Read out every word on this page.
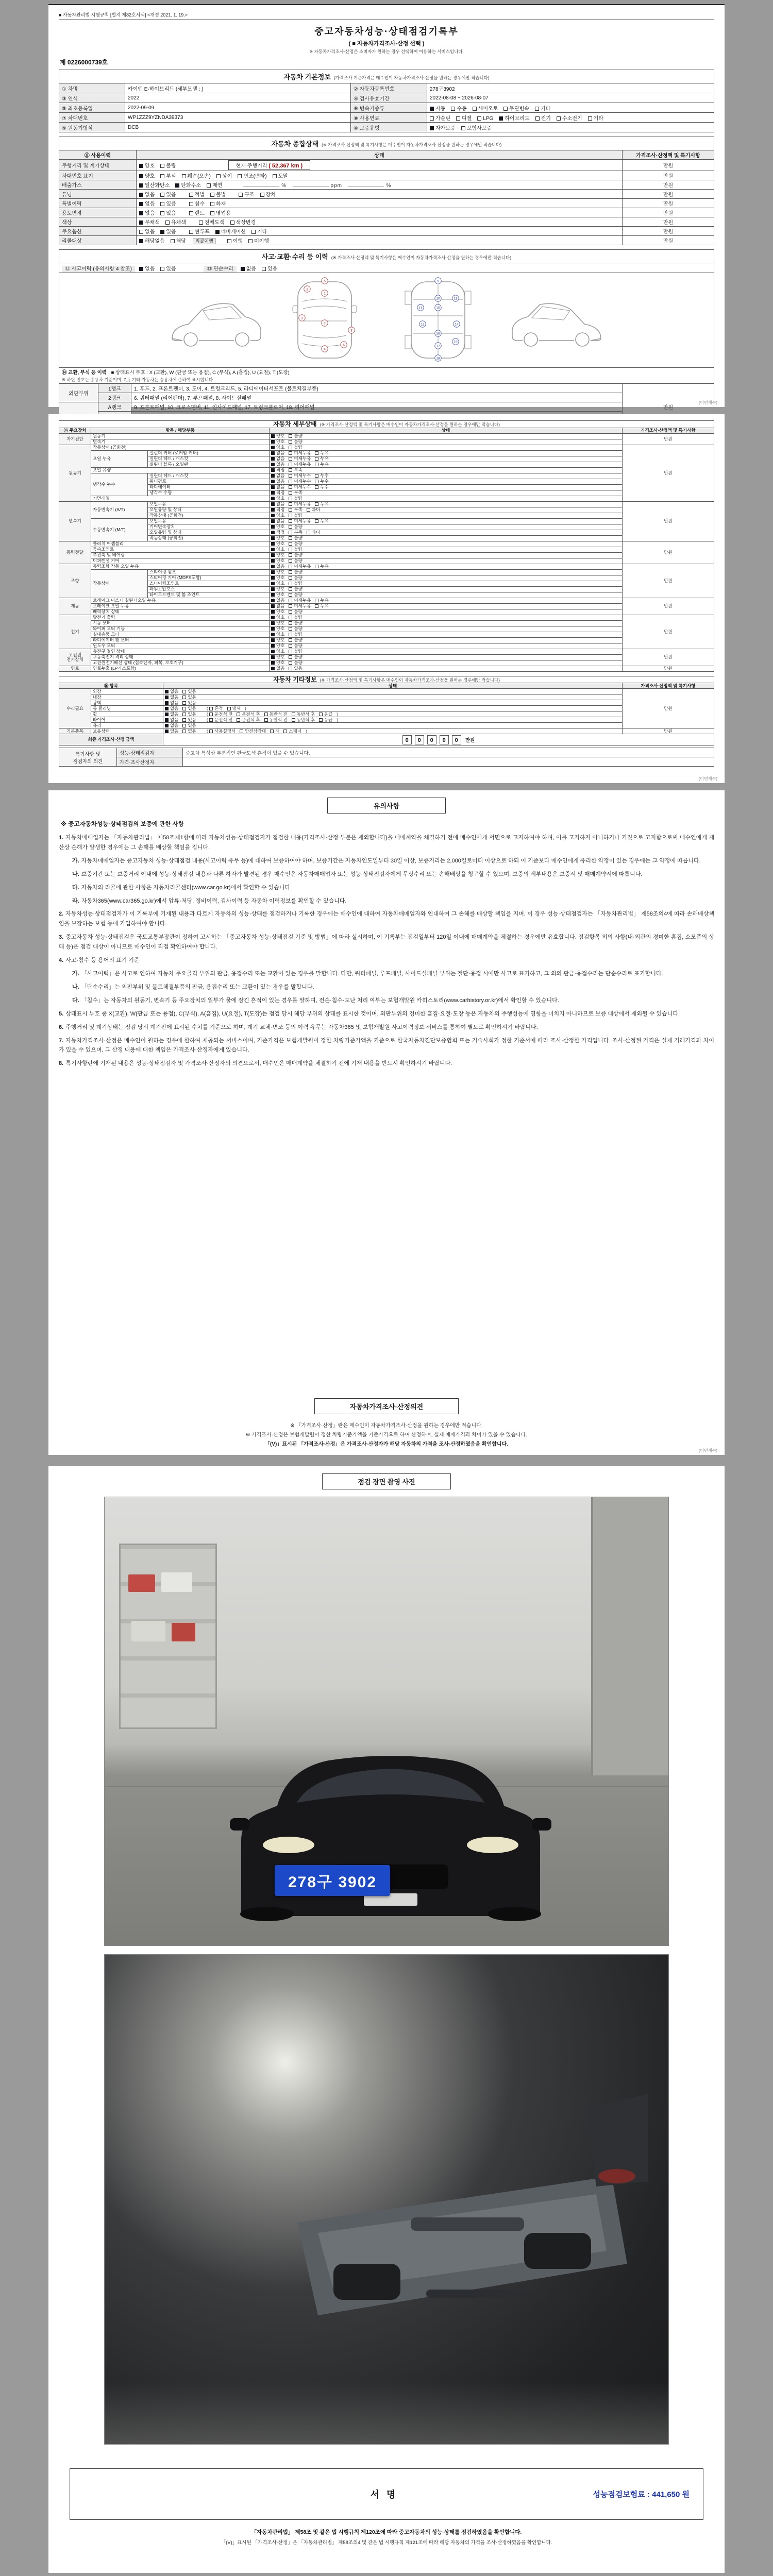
■ 자동차관리법 시행규칙 [별지 제82호서식] <개정 2021. 1. 19.>
중고자동차성능·상태점검기록부
( ■ 자동차가격조사·산정 선택 )
※ 자동차가격조사·산정은 소비자가 원하는 경우 선택하여 이용하는 서비스입니다.
제 0226000739호
자동차 기본정보 (가격조사 기준가격은 매수인이 자동차가격조사·산정을 원하는 경우에만 적습니다)			
① 차명	카이엔 E-하이브리드 (세부모델 : )	② 자동차등록번호	278구3902
③ 연식	2022	④ 검사유효기간	2022-08-08 ~ 2026-08-07
⑤ 최초등록일	2022-09-09	⑥ 변속기종류	자동 수동 세미오토 무단변속 기타
⑦ 차대번호	WP1ZZZ9YZNDA39373	⑧ 사용연료	가솔린 디젤 LPG 하이브리드 전기 수소전기 기타
⑨ 원동기형식	DCB	⑩ 보증유형	자가보증 보험사보증
자동차 종합상태 (※ 가격조사·산정액 및 특기사항은 매수인이 자동차가격조사·산정을 원하는 경우에만 적습니다)		
⑪ 사용이력	상태	가격조사·산정액 및 특기사항
주행거리 및 계기상태	양호 불량 현재 주행거리 ( 52,367 km )	만원
차대번호 표기	양호 부식 훼손(오손) 상이 변조(변타) 도말	만원
배출가스	일산화탄소 탄화수소 매연 % ppm %	만원
튜닝	없음 있음 적법 불법 구조 장치	만원
특별이력	없음 있음 침수 화재	만원
용도변경	없음 있음 렌트 영업용	만원
색상	무채색 유채색 전체도색 색상변경	만원
주요옵션	없음 있음 썬루프 네비게이션 기타	만원
리콜대상	해당없음 해당 리콜이행 이행 미이행	만원
사고·교환·수리 등 이력 (※ 가격조사·산정액 및 특기사항은 매수인이 자동차가격조사·산정을 원하는 경우에만 적습니다)			
⑫ 사고이력 (유의사항 4 참조) 없음 있음 ⑬ 단순수리 없음 있음			

1
2
3
4
5
6
7
8
9
10
11
12
13
14
15
16
17
18
19

⑭ 교환, 부식 등 이력 ■ 상태표시 부호 : X (교환), W (판금 또는 용접), C (부식), A (흠집), U (요철), T (도장)
※ 하단 번호는 승용차 기준이며, 7页·기타 자동차는 승용차에 준하여 표시합니다			

외판부위	1랭크	1. 후드, 2. 프론트펜더, 3. 도어, 4. 트렁크리드, 5. 라디에이터서포트 (볼트체결부품)	만원
	2랭크	6. 쿼터패널 (리어펜더), 7. 루프패널, 8. 사이드실패널	
	A랭크	9. 프론트패널, 10. 크로스멤버, 11. 인사이드패널, 17. 트렁크플로어, 18. 리어패널	

(이면계속)
자동차 세부상태 (※ 가격조사·산정액 및 특기사항은 매수인이 자동차가격조사·산정을 원하는 경우에만 적습니다)				
⑮ 주요장치	항목 / 해당부품		상태	가격조사·산정액 및 특기사항
자기진단	원동기		양호 불량	만원
	변속기		양호 불량	
원동기	작동상태 (공회전)		양호 불량	만원
	오일 누유	실린더 커버 (로커암 커버)	없음 미세누유 누유	
		실린더 헤드 / 개스킷	없음 미세누유 누유	
		실린더 블록 / 오일팬	없음 미세누유 누유	
	오일 유량		적정 부족	
	냉각수 누수	실린더 헤드 / 개스킷	없음 미세누수 누수	
		워터펌프	없음 미세누수 누수	
		라디에이터	없음 미세누수 누수	
		냉각수 수량	적정 부족	
	커먼레일		양호 불량	
변속기	자동변속기 (A/T)	오일누유	없음 미세누유 누유	만원
		오일유량 및 상태	적정 부족 과다	
		작동상태 (공회전)	양호 불량	
	수동변속기 (M/T)	오일누유	없음 미세누유 누유	
		기어변속장치	양호 불량	
		오일유량 및 상태	적정 부족 과다	
		작동상태 (공회전)	양호 불량	
동력전달	클러치 어셈블리		양호 불량	만원
	등속조인트		양호 불량	
	추진축 및 베어링		양호 불량	
	디퍼렌셜 기어		양호 불량	
조향	동력조향 작동 오일 누유		없음 미세누유 누유	만원
	작동상태	스티어링 펌프	양호 불량	
		스티어링 기어 (MDPS포함)	양호 불량	
		스티어링조인트	양호 불량	
		파워고압호스	양호 불량	
		타이로드엔드 및 볼 조인트	양호 불량	
제동	브레이크 마스터 실린더오일 누유		없음 미세누유 누유	만원
	브레이크 오일 누유		없음 미세누유 누유	
	배력장치 상태		양호 불량	
전기	발전기 출력		양호 불량	만원
	시동 모터		양호 불량	
	와이퍼 모터 기능		양호 불량	
	실내송풍 모터		양호 불량	
	라디에이터 팬 모터		양호 불량	
	윈도우 모터		양호 불량	
고전원 전기장치	충전구 절연 상태		양호 불량	만원
	구동축전지 격리 상태		양호 불량	
	고전원전기배선 상태 (접속단자, 피복, 보호기구)		양호 불량	
연료	연료누출 (LP가스포함)		없음 있음	만원
자동차 기타정보 (※ 가격조사·산정액 및 특기사항은 매수인이 자동차가격조사·산정을 원하는 경우에만 적습니다)			
⑯ 항목		상태	가격조사·산정액 및 특기사항
수리필요	외장	없음 있음	만원
	내장	없음 있음	
	광택	없음 있음	
	룸 클리닝	없음 있음 ( 흔적 냄새 )	
	휠	없음 있음 ( 운전석 전 운전석 후 동반석 전 동반석 후 응급 )	
	타이어	없음 있음 ( 운전석 전 운전석 후 동반석 전 동반석 후 응급 )	
	유리	없음 있음	
기본품목	보유상태	있음 없음 ( 사용설명서 안전삼각대 잭 스패너 )	만원
최종 가격조사·산정 금액		0 0 0 0 0 만원	
특기사항 및
점검자의 의견	성능·상태점검자	중고차 특성상 부분적인 판금도색 흔적이 있을 수 있습니다.
	가격·조사산정자	
(이면계속)
유의사항
※ 중고자동차성능·상태점검의 보증에 관한 사항
1. 자동차매매업자는 「자동차관리법」 제58조제1항에 따라 자동차성능·상태점검자가 점검한 내용(가격조사·산정 부분은 제외합니다)을 매매계약을 체결하기 전에 매수인에게 서면으로 고지하여야 하며, 이를 고지하지 아니하거나 거짓으로 고지함으로써 매수인에게 재산상 손해가 발생한 경우에는 그 손해를 배상할 책임을 집니다.
가. 자동차매매업자는 중고자동차 성능·상태점검 내용(사고이력 유무 등)에 대하여 보증하여야 하며, 보증기간은 자동차인도일부터 30일 이상, 보증거리는 2,000킬로미터 이상으로 하되 이 기준보다 매수인에게 유리한 약정이 있는 경우에는 그 약정에 따릅니다.
나. 보증기간 또는 보증거리 이내에 성능·상태점검 내용과 다른 하자가 발견된 경우 매수인은 자동차매매업자 또는 성능·상태점검자에게 무상수리 또는 손해배상을 청구할 수 있으며, 보증의 세부내용은 보증서 및 매매계약서에 따릅니다.
다. 자동차의 리콜에 관한 사항은 자동차리콜센터(www.car.go.kr)에서 확인할 수 있습니다.
라. 자동차365(www.car365.go.kr)에서 압류·저당, 정비이력, 검사이력 등 자동차 이력정보를 확인할 수 있습니다.
2. 자동차성능·상태점검자가 이 기록부에 기재된 내용과 다르게 자동차의 성능·상태를 점검하거나 기록한 경우에는 매수인에 대하여 자동차매매업자와 연대하여 그 손해를 배상할 책임을 지며, 이 경우 성능·상태점검자는 「자동차관리법」 제58조의4에 따라 손해배상책임을 보장하는 보험 등에 가입하여야 합니다.
3. 중고자동차 성능·상태점검은 국토교통부장관이 정하여 고시하는 「중고자동차 성능·상태점검 기준 및 방법」에 따라 실시하며, 이 기록부는 점검일부터 120일 이내에 매매계약을 체결하는 경우에만 유효합니다. 점검항목 외의 사항(내·외관의 경미한 흠집, 소모품의 상태 등)은 점검 대상이 아니므로 매수인이 직접 확인하여야 합니다.
4. 사고·침수 등 용어의 표기 기준
가. 「사고이력」은 사고로 인하여 자동차 주요골격 부위의 판금, 용접수리 또는 교환이 있는 경우를 말합니다. 다만, 쿼터패널, 루프패널, 사이드실패널 부위는 절단·용접 시에만 사고로 표기하고, 그 외의 판금·용접수리는 단순수리로 표기합니다.
나. 「단순수리」는 외판부위 및 볼트체결부품의 판금, 용접수리 또는 교환이 있는 경우를 말합니다.
다. 「침수」는 자동차의 원동기, 변속기 등 주요장치의 일부가 물에 잠긴 흔적이 있는 경우를 말하며, 전손·침수·도난 처리 여부는 보험개발원 카히스토리(www.carhistory.or.kr)에서 확인할 수 있습니다.
5. 상태표시 부호 중 X(교환), W(판금 또는 용접), C(부식), A(흠집), U(요철), T(도장)는 점검 당시 해당 부위의 상태를 표시한 것이며, 외판부위의 경미한 흠집·요철·도장 등은 자동차의 주행성능에 영향을 미치지 아니하므로 보증 대상에서 제외될 수 있습니다.
6. 주행거리 및 계기상태는 점검 당시 계기판에 표시된 수치를 기준으로 하며, 계기 교체·변조 등의 이력 유무는 자동차365 및 보험개발원 사고이력정보 서비스를 통하여 별도로 확인하시기 바랍니다.
7. 자동차가격조사·산정은 매수인이 원하는 경우에 한하여 제공되는 서비스이며, 기준가격은 보험개발원이 정한 차량기준가액을 기준으로 한국자동차진단보증협회 또는 기술사회가 정한 기준서에 따라 조사·산정한 가격입니다. 조사·산정된 가격은 실제 거래가격과 차이가 있을 수 있으며, 그 산정 내용에 대한 책임은 가격조사·산정자에게 있습니다.
8. 특기사항란에 기재된 내용은 성능·상태점검자 및 가격조사·산정자의 의견으로서, 매수인은 매매계약을 체결하기 전에 기재 내용을 반드시 확인하시기 바랍니다.
자동차가격조사·산정의견
※ 「가격조사·산정」란은 매수인이 자동차가격조사·산정을 원하는 경우에만 적습니다.
※ 가격조사·산정은 보험개발원이 정한 차량기준가액을 기준가격으로 하여 산정하며, 실제 매매가격과 차이가 있을 수 있습니다.
「(V)」표시된 「가격조사·산정」은 가격조사·산정자가 해당 자동차의 가격을 조사·산정하였음을 확인합니다.
(이면계속)
점검 장면 촬영 사진
278구 3902
서명	성능점검보험료 : 441,650 원
「자동차관리법」 제58조 및 같은 법 시행규칙 제120조에 따라 중고자동차의 성능·상태를 점검하였음을 확인합니다.
「(V)」표시된 「가격조사·산정」은 「자동차관리법」 제58조의4 및 같은 법 시행규칙 제121조에 따라 해당 자동차의 가격을 조사·산정하였음을 확인합니다.
